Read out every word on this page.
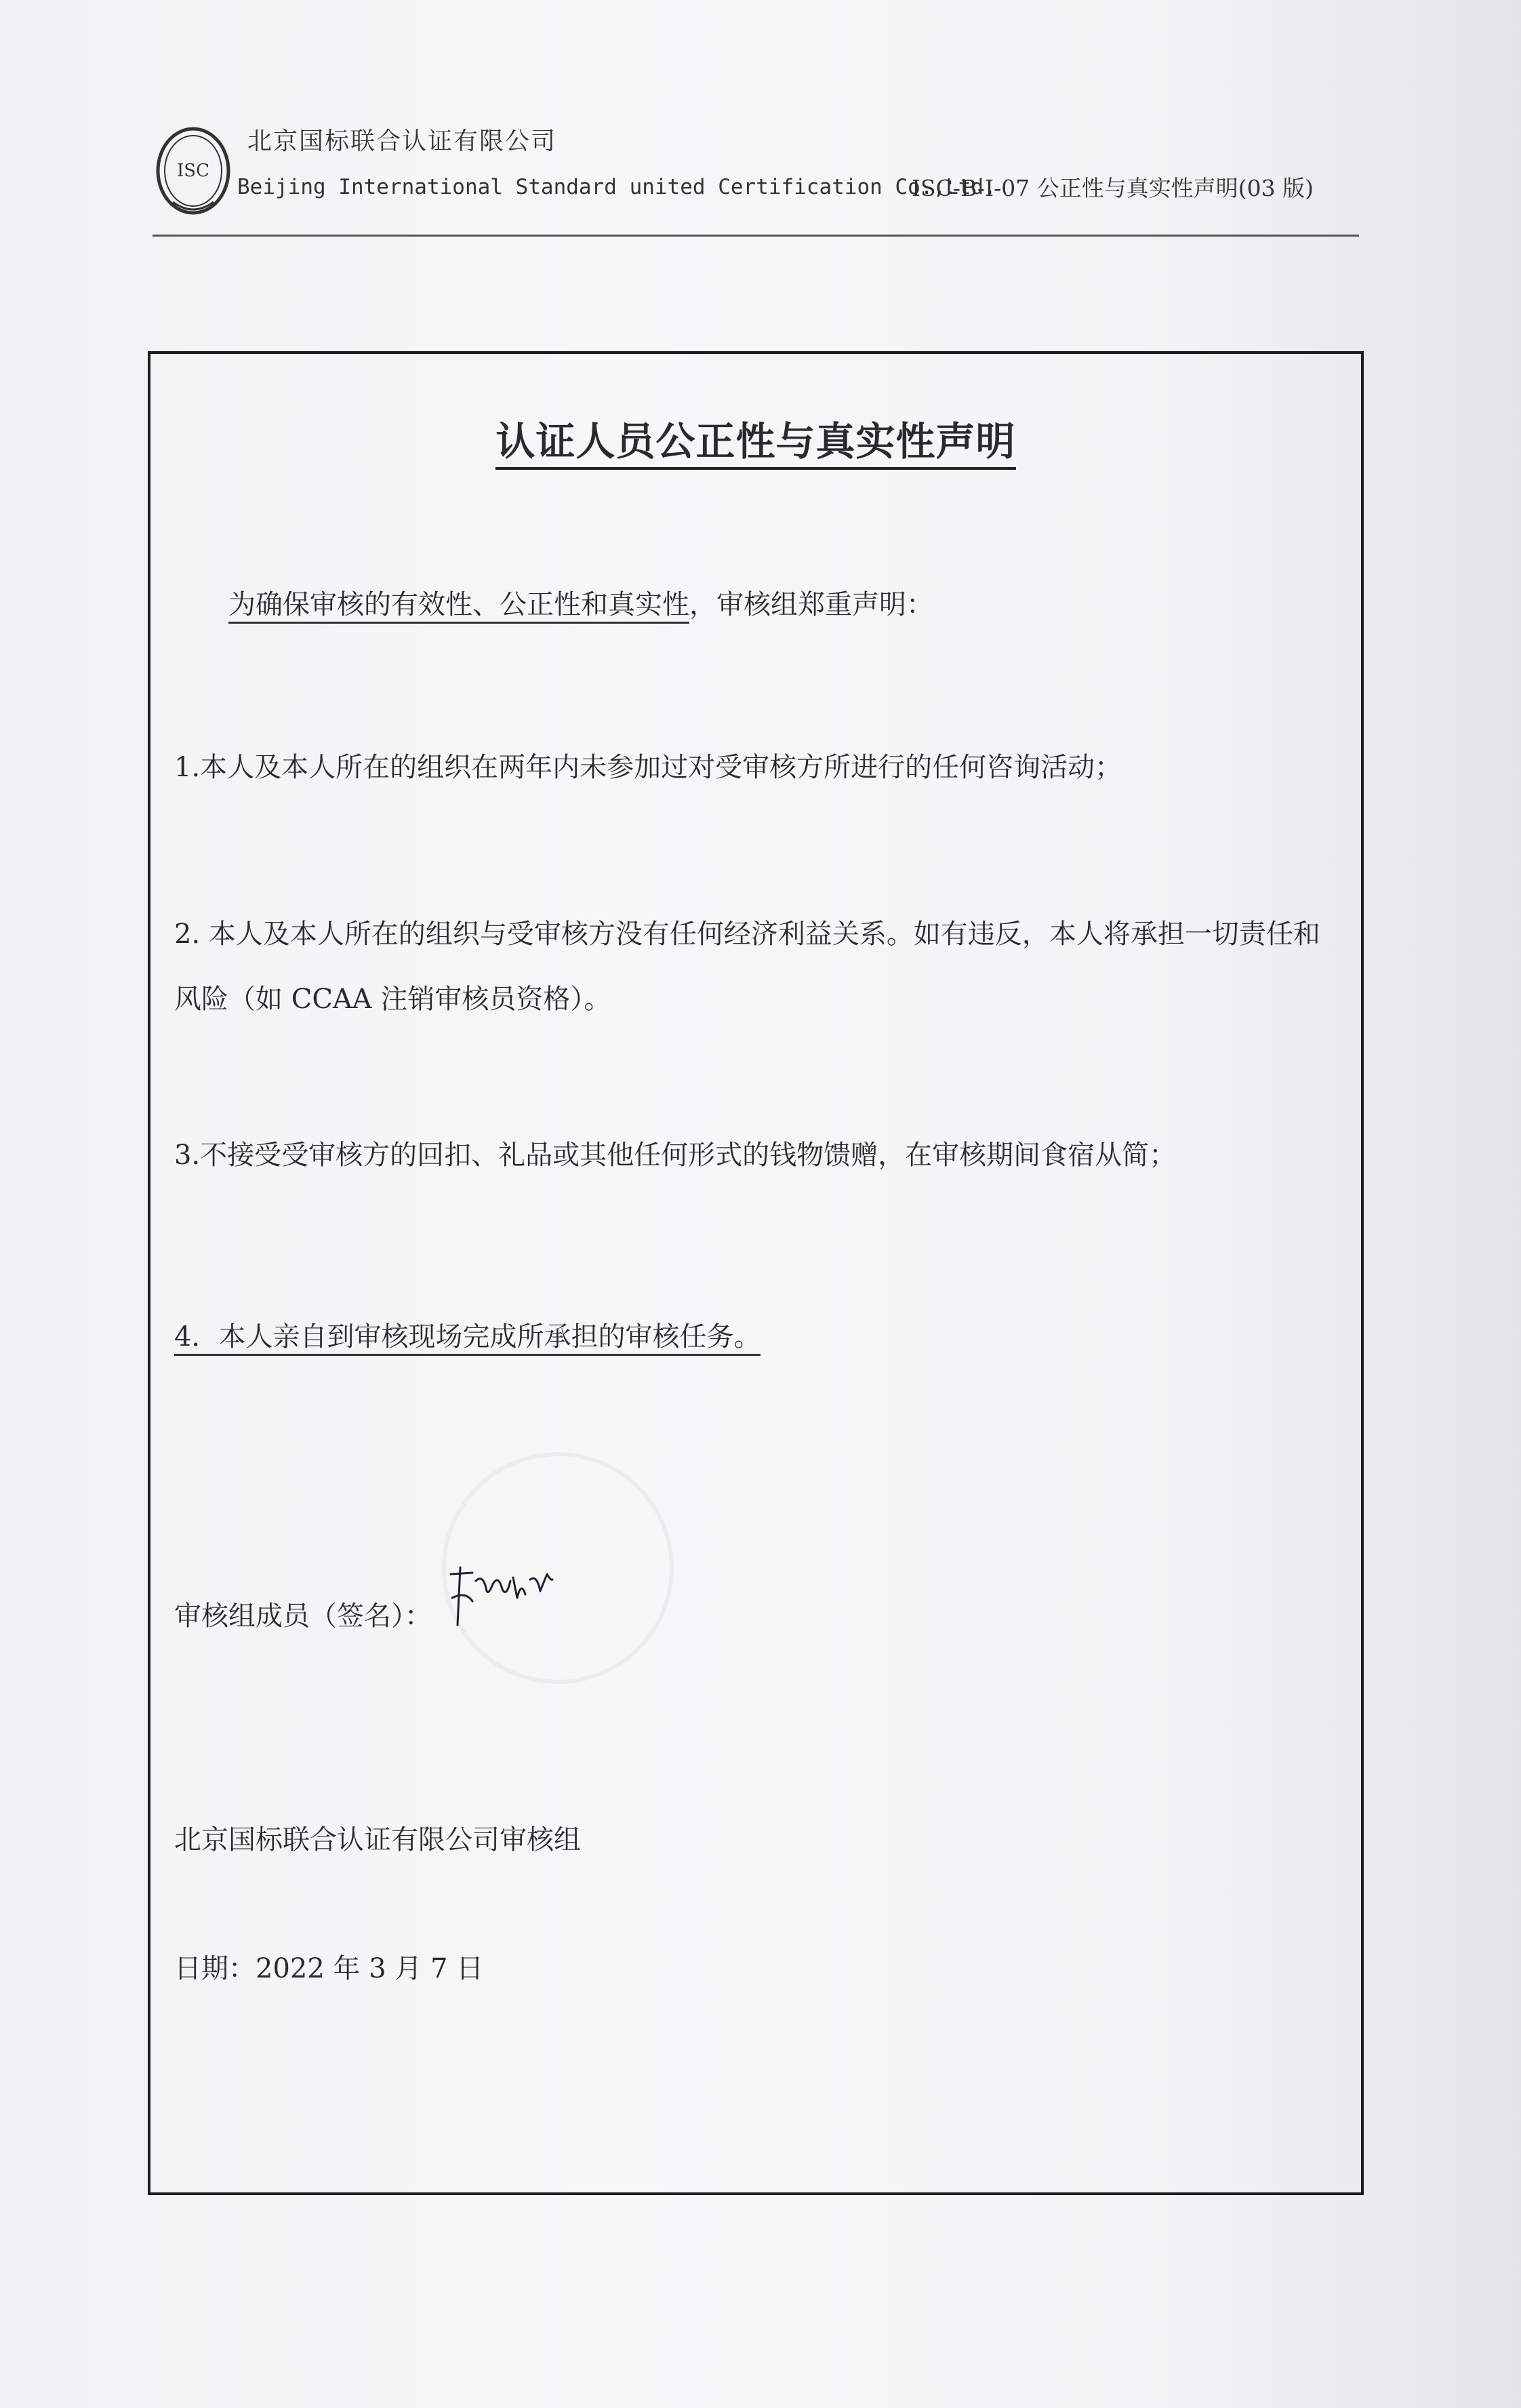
ISC
北京国标联合认证有限公司
Beijing International Standard united Certification Co.,Ltd.
ISC-B-I-07 公正性与真实性声明(03 版)
认证人员公正性与真实性声明
为确保审核的有效性、公正性和真实性，审核组郑重声明：
1.本人及本人所在的组织在两年内未参加过对受审核方所进行的任何咨询活动；
2. 本人及本人所在的组织与受审核方没有任何经济利益关系。如有违反，本人将承担一切责任和风险（如 CCAA 注销审核员资格）。
3.不接受受审核方的回扣、礼品或其他任何形式的钱物馈赠，在审核期间食宿从简；
4．本人亲自到审核现场完成所承担的审核任务。
审核组成员（签名）：
北京国标联合认证有限公司审核组
日期：2022 年 3 月 7 日
